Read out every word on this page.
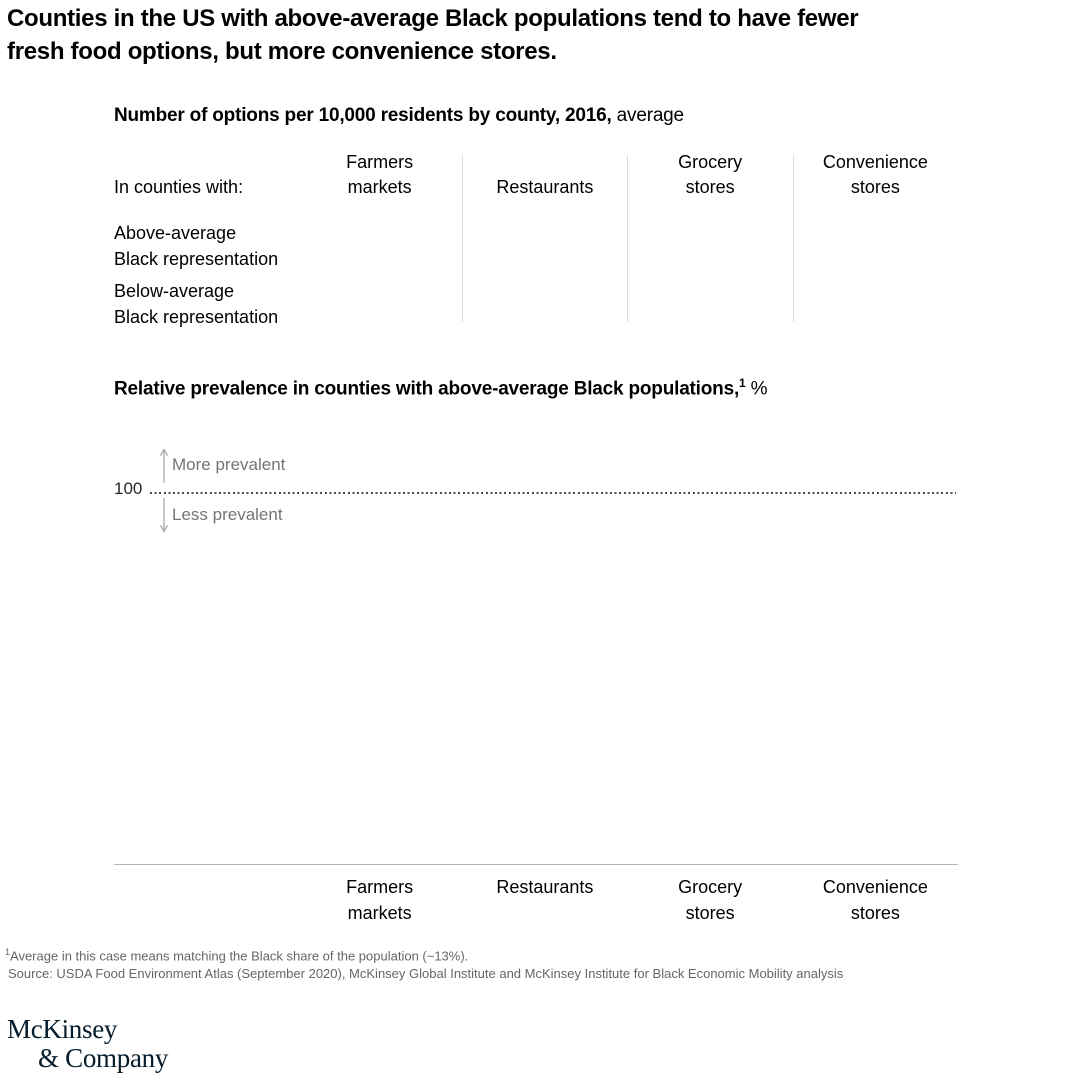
Counties in the US with above-average Black populations tend to have fewer
fresh food options, but more convenience stores.
Number of options per 10,000 residents by county, 2016, average
In counties with:
Farmers
markets	Restaurants
Grocery
stores
Convenience
stores
Above-average
Black representation
Below-average
Black representation
Relative prevalence in counties with above-average Black populations,$^1$ %
100
More prevalent
Less prevalent
Farmers
markets
Restaurants	Grocery
stores
Convenience
stores
$^1$Average in this case means matching the Black share of the population (~13%).
Source: USDA Food Environment Atlas (September 2020), McKinsey Global Institute and McKinsey Institute for Black Economic Mobility analysis
McKinsey
& Company
